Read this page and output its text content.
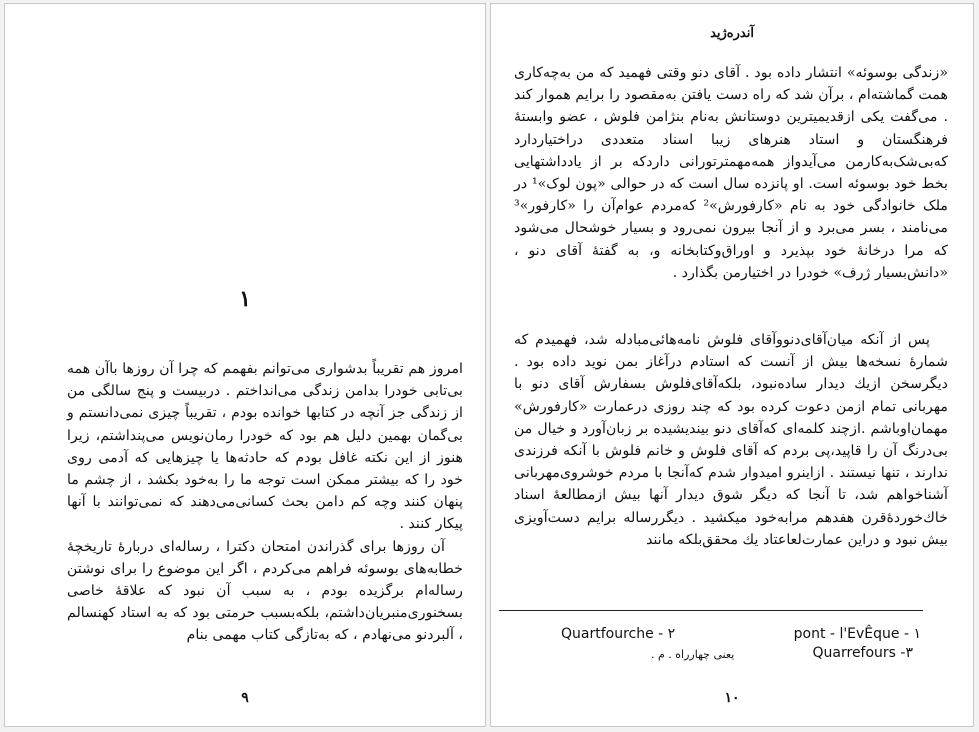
۱

امروز هم تقریباً بدشواری می‌توانم بفهمم که چرا آن روزها باآن همه بی‌تابی خودرا بدامن زندگی می‌انداختم . دربیست و پنج سالگی من از زندگی جز آنچه در کتابها خوانده بودم ، تقریباً چیزی نمی‌دانستم و بی‌گمان بهمین دلیل هم بود که خودرا رمان‌نویس می‌پنداشتم، زیرا هنوز از این نکته غافل بودم که حادثه‌ها یا چیزهایی که آدمی روی خود را که بیشتر ممکن است توجه ما را به‌خود بکشد ، از چشم ما پنهان کنند وچه کم دامن بحث کسانی‌می‌دهند که نمی‌توانند با آنها پیکار کنند .

آن روزها برای گذراندن امتحان دکترا ، رساله‌ای دربارهٔ تاریخچهٔ خطابه‌های بوسوئه فراهم می‌کردم ، اگر این موضوع را برای نوشتن رساله‌ام برگزیده بودم ، به سبب آن نبود که علاقهٔ خاصی بسخنوری‌منبریان‌داشتم، بلکه‌بسبب حرمتی بود که به استاد کهنسالم ، آلبردنو می‌نهادم ، که به‌تازگی کتاب مهمی بنام

۹
آندره‌ژید

«زندگی بوسوئه» انتشار داده بود . آقای دنو وقتی فهمید که من به‌چه‌کاری همت گماشته‌ام ، برآن شد که راه دست یافتن به‌مقصود را برایم هموار کند . می‌گفت یکی ازقدیمیترین دوستانش به‌نام بنژامن فلوش ، عضو وابستهٔ فرهنگستان و استاد هنرهای زیبا اسناد متعددی دراختیاردارد که‌بی‌شک‌به‌کارمن می‌آیدواز همه‌مهمتر‌تورانی داردکه بر از یادداشتهایی بخط خود بوسوئه است. او پانزده سال است که در حوالی «پون لوک»¹ در ملک خانوادگی خود به نام «کارفورش»² که‌مردم عوام‌آن را «کارفور»³ می‌نامند ، بسر می‌برد و از آنجا بیرون نمی‌رود و بسیار خوشحال می‌شود که مرا درخانهٔ خود بپذیرد و اوراق‌وکتابخانه و، به گفتهٔ آقای دنو ، «دانش‌بسیار ژرف» خودرا در اختیارمن بگذارد .

پس از آنکه میان‌آقای‌دنوو‌آقای فلوش نامه‌هائی‌مبادله شد، فهمیدم که شمارهٔ نسخه‌ها بیش از آنست که استادم درآغاز بمن نوید داده بود . دیگرسخن ازیك دیدار ساده‌نبود، بلکه‌آقای‌فلوش بسفارش آقای دنو با مهربانی تمام ازمن دعوت کرده بود که چند روزی درعمارت «کارفورش» مهمان‌اوباشم .ازچند کلمه‌ای که‌آقای دنو بیندیشیده بر زبان‌آورد و خیال من بی‌درنگ آن را قاپید،پی بردم که آقای فلوش و خانم فلوش با آنکه فرزندی ندارند ، تنها نیستند . ازاینرو امیدوار شدم که‌آنجا با مردم خوشروی‌مهربانی آشناخواهم شد، تا آنجا که دیگر شوق دیدار آنها بیش ازمطالعهٔ اسناد خاك‌خوردهٔ‌قرن هفدهم مرابه‌خود میکشید . دیگررساله برایم دست‌آویزی بیش نبود و دراین عمارت‌لعاعتاد يك محقق‌بلکه مانند

pont - l'EvÊque - ۱
Quartfourche - ۲
Quarrefours -۳
یعنی چهارراه . م .
۱۰
